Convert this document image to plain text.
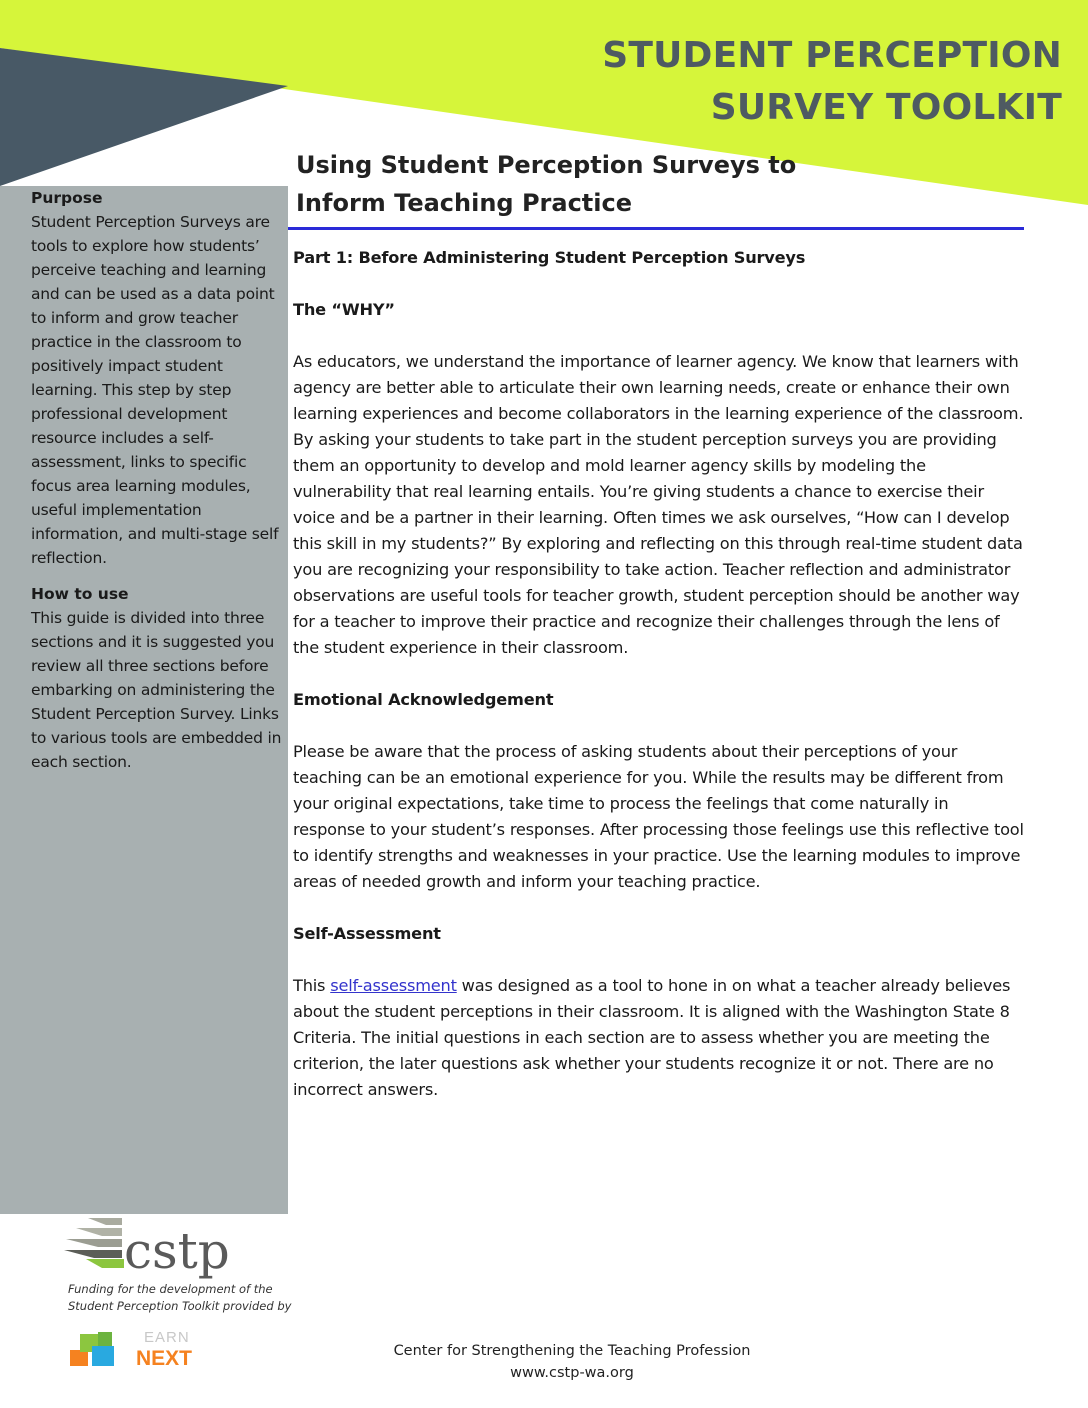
STUDENT PERCEPTION
SURVEY TOOLKIT

Purpose

Student Perception Surveys are tools to explore how students’ perceive teaching and learning and can be used as a data point to inform and grow teacher practice in the classroom to positively impact student learning. This step by step professional development resource includes a self-assessment, links to specific focus area learning modules, useful implementation information, and multi-stage self reflection.

How to use

This guide is divided into three sections and it is suggested you review all three sections before embarking on administering the Student Perception Survey. Links to various tools are embedded in each section.

Using Student Perception Surveys to
Inform Teaching Practice

Part 1: Before Administering Student Perception Surveys

The “WHY”

As educators, we understand the importance of learner agency. We know that learners with agency are better able to articulate their own learning needs, create or enhance their own learning experiences and become collaborators in the learning experience of the classroom. By asking your students to take part in the student perception surveys you are providing them an opportunity to develop and mold learner agency skills by modeling the vulnerability that real learning entails. You’re giving students a chance to exercise their voice and be a partner in their learning. Often times we ask ourselves, “How can I develop this skill in my students?” By exploring and reflecting on this through real-time student data you are recognizing your responsibility to take action. Teacher reflection and administrator observations are useful tools for teacher growth, student perception should be another way for a teacher to improve their practice and recognize their challenges through the lens of the student experience in their classroom.

Emotional Acknowledgement

Please be aware that the process of asking students about their perceptions of your teaching can be an emotional experience for you. While the results may be different from your original expectations, take time to process the feelings that come naturally in response to your student’s responses. After processing those feelings use this reflective tool to identify strengths and weaknesses in your practice. Use the learning modules to improve areas of needed growth and inform your teaching practice.

Self-Assessment

This self-assessment was designed as a tool to hone in on what a teacher already believes about the student perceptions in their classroom. It is aligned with the Washington State 8 Criteria. The initial questions in each section are to assess whether you are meeting the criterion, the later questions ask whether your students recognize it or not. There are no incorrect answers.

cstp
Funding for the development of the
Student Perception Toolkit provided by
EARN
NEXT	Center for Strengthening the Teaching Profession
www.cstp-wa.org
